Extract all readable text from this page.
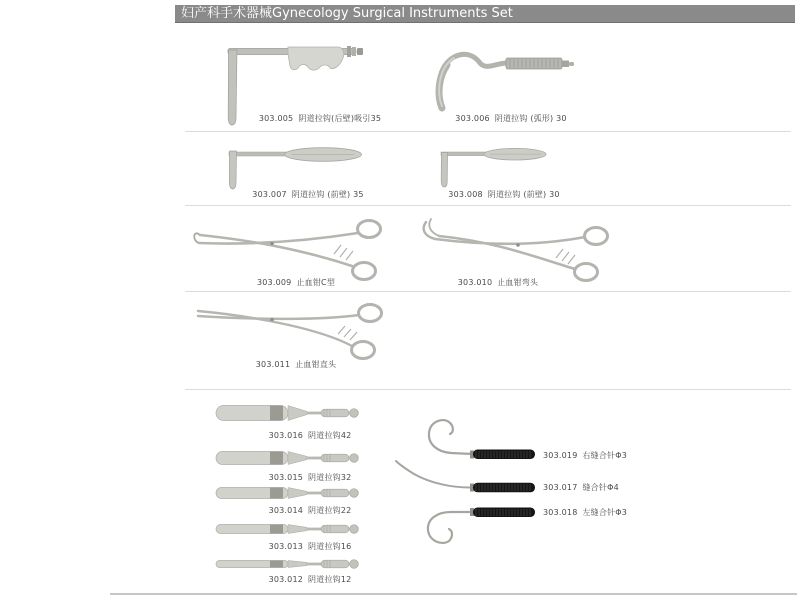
妇产科手术器械Gynecology Surgical Instruments Set
303.005 阴道拉钩(后壁)吸引35	303.006 阴道拉钩 (弧形) 30
303.007 阴道拉钩 (前壁) 35	303.008 阴道拉钩 (前壁) 30
303.009 止血钳C型	303.010 止血钳弯头
303.011 止血钳直头
303.016 阴道拉钩42
303.015 阴道拉钩32
303.014 阴道拉钩22
303.013 阴道拉钩16
303.012 阴道拉钩12
303.019 右缝合针Φ3
303.017 缝合针Φ4
303.018 左缝合针Φ3
